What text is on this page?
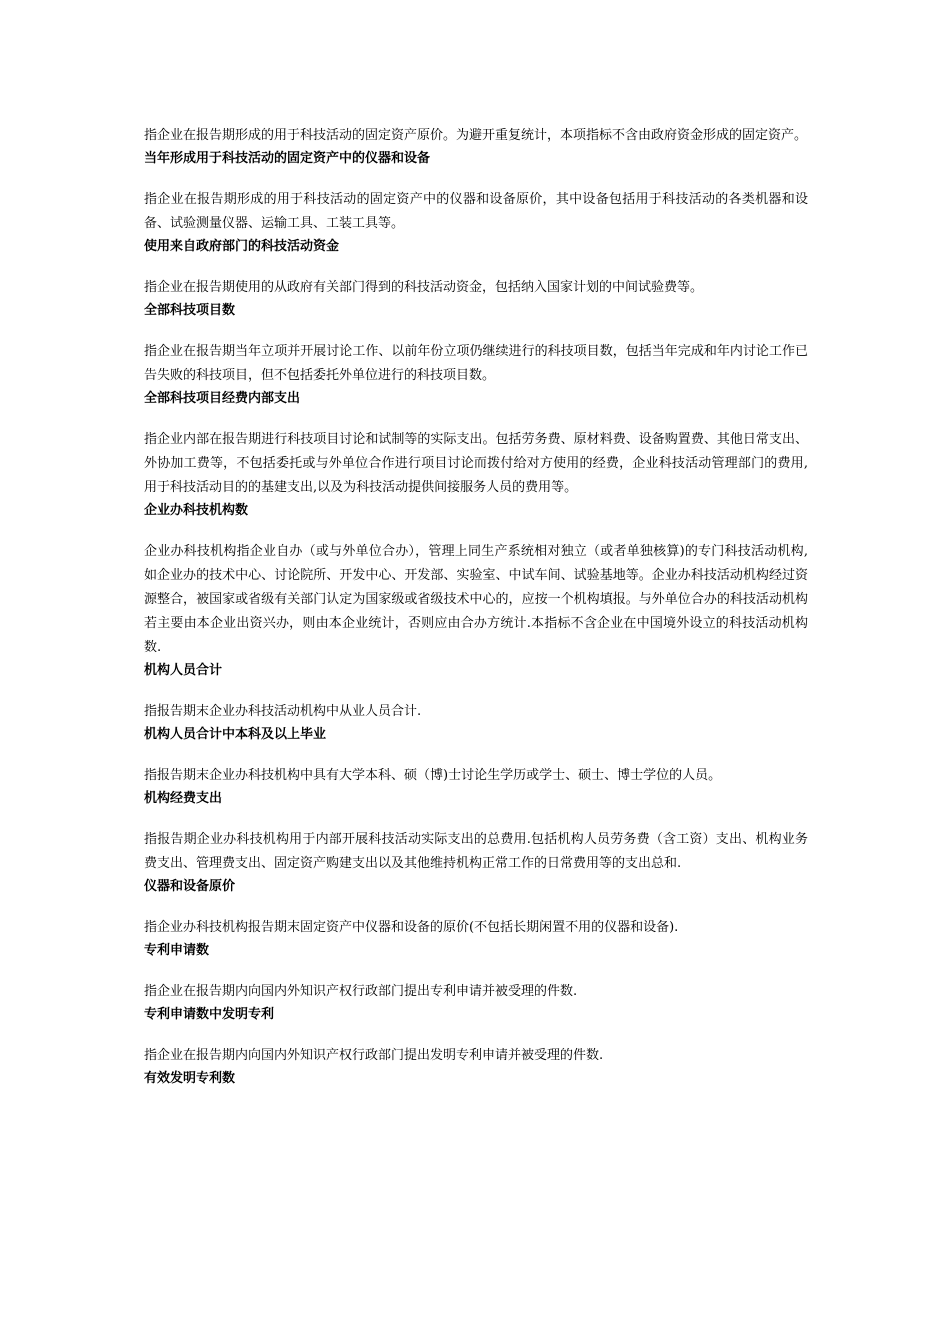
指企业在报告期形成的用于科技活动的固定资产原价。为避开重复统计，本项指标不含由政府资金形成的固定资产。

当年形成用于科技活动的固定资产中的仪器和设备

指企业在报告期形成的用于科技活动的固定资产中的仪器和设备原价，其中设备包括用于科技活动的各类机器和设备、试验测量仪器、运输工具、工装工具等。

使用来自政府部门的科技活动资金

指企业在报告期使用的从政府有关部门得到的科技活动资金，包括纳入国家计划的中间试验费等。

全部科技项目数

指企业在报告期当年立项并开展讨论工作、以前年份立项仍继续进行的科技项目数，包括当年完成和年内讨论工作已告失败的科技项目，但不包括委托外单位进行的科技项目数。

全部科技项目经费内部支出

指企业内部在报告期进行科技项目讨论和试制等的实际支出。包括劳务费、原材料费、设备购置费、其他日常支出、外协加工费等，不包括委托或与外单位合作进行项目讨论而拨付给对方使用的经费，企业科技活动管理部门的费用,用于科技活动目的的基建支出,以及为科技活动提供间接服务人员的费用等。

企业办科技机构数

企业办科技机构指企业自办（或与外单位合办），管理上同生产系统相对独立（或者单独核算)的专门科技活动机构,如企业办的技术中心、讨论院所、开发中心、开发部、实验室、中试车间、试验基地等。企业办科技活动机构经过资源整合，被国家或省级有关部门认定为国家级或省级技术中心的，应按一个机构填报。与外单位合办的科技活动机构若主要由本企业出资兴办，则由本企业统计，否则应由合办方统计.本指标不含企业在中国境外设立的科技活动机构数.

机构人员合计

指报告期末企业办科技活动机构中从业人员合计.

机构人员合计中本科及以上毕业

指报告期末企业办科技机构中具有大学本科、硕（博)士讨论生学历或学士、硕士、博士学位的人员。

机构经费支出

指报告期企业办科技机构用于内部开展科技活动实际支出的总费用.包括机构人员劳务费（含工资）支出、机构业务费支出、管理费支出、固定资产购建支出以及其他维持机构正常工作的日常费用等的支出总和.

仪器和设备原价

指企业办科技机构报告期末固定资产中仪器和设备的原价(不包括长期闲置不用的仪器和设备).

专利申请数

指企业在报告期内向国内外知识产权行政部门提出专利申请并被受理的件数.

专利申请数中发明专利

指企业在报告期内向国内外知识产权行政部门提出发明专利申请并被受理的件数.

有效发明专利数
